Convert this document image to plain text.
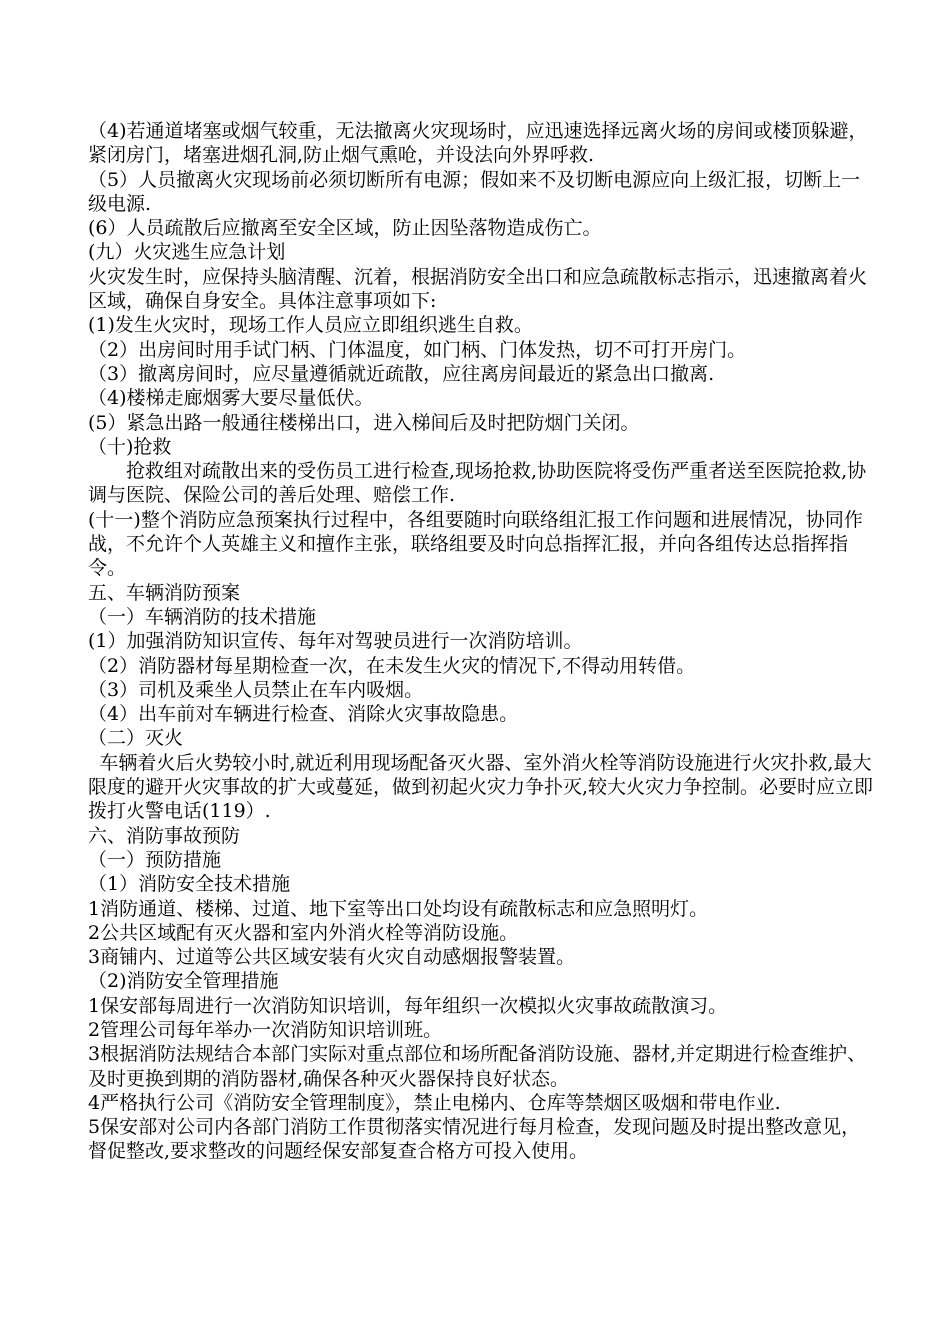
（4)若通道堵塞或烟气较重，无法撤离火灾现场时，应迅速选择远离火场的房间或楼顶躲避，紧闭房门，堵塞进烟孔洞,防止烟气熏呛，并设法向外界呼救.

（5）人员撤离火灾现场前必须切断所有电源；假如来不及切断电源应向上级汇报，切断上一级电源.

(6）人员疏散后应撤离至安全区域，防止因坠落物造成伤亡。

(九）火灾逃生应急计划

火灾发生时，应保持头脑清醒、沉着，根据消防安全出口和应急疏散标志指示，迅速撤离着火区域，确保自身安全。具体注意事项如下:

(1)发生火灾时，现场工作人员应立即组织逃生自救。

（2）出房间时用手试门柄、门体温度，如门柄、门体发热，切不可打开房门。

（3）撤离房间时，应尽量遵循就近疏散，应往离房间最近的紧急出口撤离.

（4)楼梯走廊烟雾大要尽量低伏。

(5）紧急出路一般通往楼梯出口，进入梯间后及时把防烟门关闭。

（十)抢救

抢救组对疏散出来的受伤员工进行检查,现场抢救,协助医院将受伤严重者送至医院抢救,协调与医院、保险公司的善后处理、赔偿工作.

(十一)整个消防应急预案执行过程中，各组要随时向联络组汇报工作问题和进展情况，协同作战，不允许个人英雄主义和擅作主张，联络组要及时向总指挥汇报，并向各组传达总指挥指令。

五、车辆消防预案

（一）车辆消防的技术措施

(1）加强消防知识宣传、每年对驾驶员进行一次消防培训。

（2）消防器材每星期检查一次，在未发生火灾的情况下,不得动用转借。

（3）司机及乘坐人员禁止在车内吸烟。

（4）出车前对车辆进行检查、消除火灾事故隐患。

（二）灭火

车辆着火后火势较小时,就近利用现场配备灭火器、室外消火栓等消防设施进行火灾扑救,最大限度的避开火灾事故的扩大或蔓延，做到初起火灾力争扑灭,较大火灾力争控制。必要时应立即拨打火警电话(119）.

六、消防事故预防

（一）预防措施

（1）消防安全技术措施

1消防通道、楼梯、过道、地下室等出口处均设有疏散标志和应急照明灯。

2公共区域配有灭火器和室内外消火栓等消防设施。

3商铺内、过道等公共区域安装有火灾自动感烟报警装置。

（2)消防安全管理措施

1保安部每周进行一次消防知识培训，每年组织一次模拟火灾事故疏散演习。

2管理公司每年举办一次消防知识培训班。

3根据消防法规结合本部门实际对重点部位和场所配备消防设施、器材,并定期进行检查维护、及时更换到期的消防器材,确保各种灭火器保持良好状态。

4严格执行公司《消防安全管理制度》，禁止电梯内、仓库等禁烟区吸烟和带电作业.

5保安部对公司内各部门消防工作贯彻落实情况进行每月检查，发现问题及时提出整改意见，督促整改,要求整改的问题经保安部复查合格方可投入使用。
